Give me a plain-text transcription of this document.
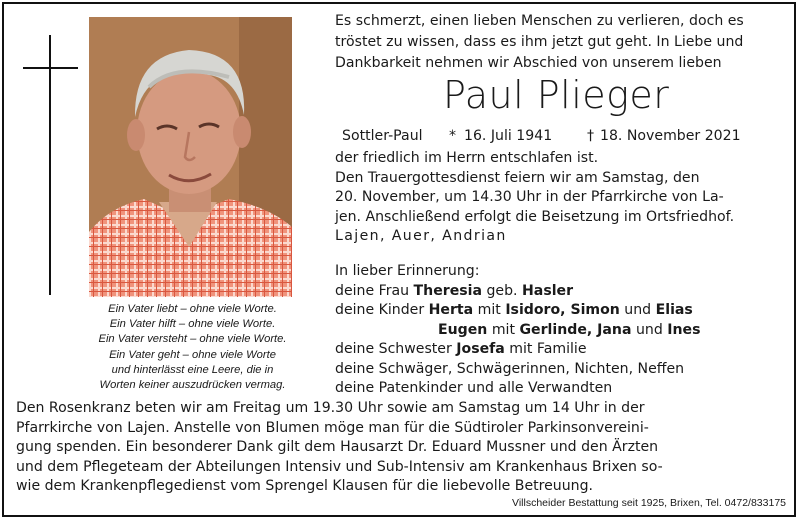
Ein Vater liebt – ohne viele Worte.
Ein Vater hilft – ohne viele Worte.
Ein Vater versteht – ohne viele Worte.
Ein Vater geht – ohne viele Worte
und hinterlässt eine Leere, die in
Worten keiner auszudrücken vermag.
Es schmerzt, einen lieben Menschen zu verlieren, doch es
tröstet zu wissen, dass es ihm jetzt gut geht. In Liebe und
Dankbarkeit nehmen wir Abschied von unserem lieben
Paul Plieger
Sottler-Paul * 16. Juli 1941 † 18. November 2021
der friedlich im Herrn entschlafen ist.
Den Trauergottesdienst feiern wir am Samstag, den
20. November, um 14.30 Uhr in der Pfarrkirche von La-
jen. Anschließend erfolgt die Beisetzung im Ortsfriedhof.
Lajen, Auer, Andrian
In lieber Erinnerung:
deine Frau Theresia geb. Hasler
deine Kinder Herta mit Isidoro, Simon und Elias
Eugen mit Gerlinde, Jana und Ines
deine Schwester Josefa mit Familie
deine Schwäger, Schwägerinnen, Nichten, Neffen
deine Patenkinder und alle Verwandten
Den Rosenkranz beten wir am Freitag um 19.30 Uhr sowie am Samstag um 14 Uhr in der
Pfarrkirche von Lajen. Anstelle von Blumen möge man für die Südtiroler Parkinsonvereini-
gung spenden. Ein besonderer Dank gilt dem Hausarzt Dr. Eduard Mussner und den Ärzten
und dem Pflegeteam der Abteilungen Intensiv und Sub-Intensiv am Krankenhaus Brixen so-
wie dem Krankenpflegedienst vom Sprengel Klausen für die liebevolle Betreuung.
Villscheider Bestattung seit 1925, Brixen, Tel. 0472/833175
